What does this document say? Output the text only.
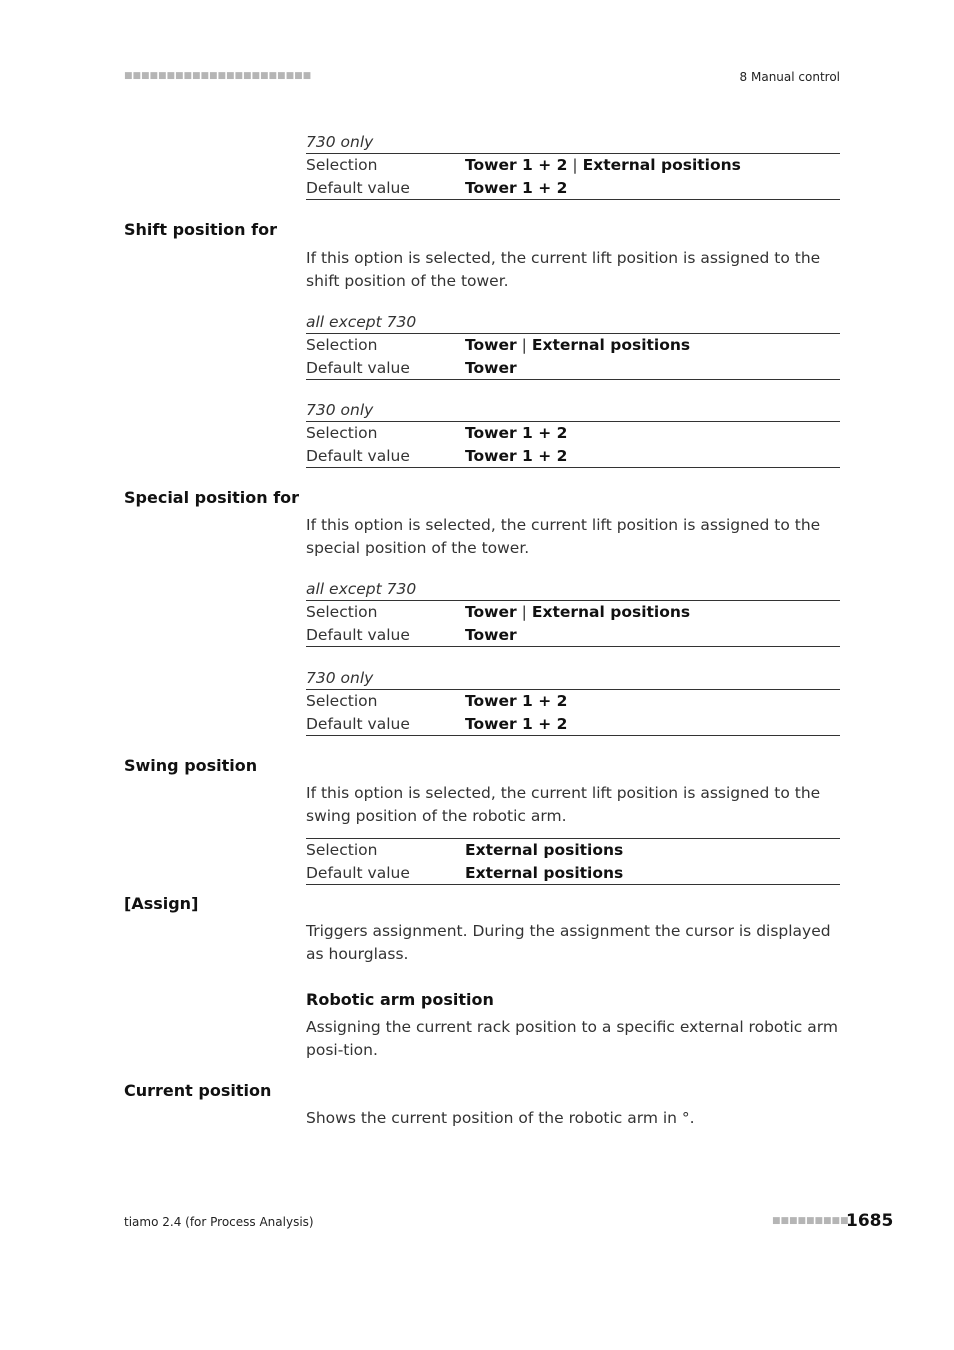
■■■■■■■■■■■■■■■■■■■■■■	8 Manual control
730 only
Selection	Tower 1 + 2 | External positions
Default value	Tower 1 + 2
Shift position for
If this option is selected, the current lift position is assigned to the shift position of the tower.
all except 730
Selection	Tower | External positions
Default value	Tower
730 only
Selection	Tower 1 + 2
Default value	Tower 1 + 2
Special position for
If this option is selected, the current lift position is assigned to the special position of the tower.
all except 730
Selection	Tower | External positions
Default value	Tower
730 only
Selection	Tower 1 + 2
Default value	Tower 1 + 2
Swing position
If this option is selected, the current lift position is assigned to the swing position of the robotic arm.
Selection	External positions
Default value	External positions
[Assign]
Triggers assignment. During the assignment the cursor is displayed as hourglass.
Robotic arm position
Assigning the current rack position to a specific external robotic arm posi-tion.
Current position
Shows the current position of the robotic arm in °.
tiamo 2.4 (for Process Analysis)	■■■■■■■■■
1685
